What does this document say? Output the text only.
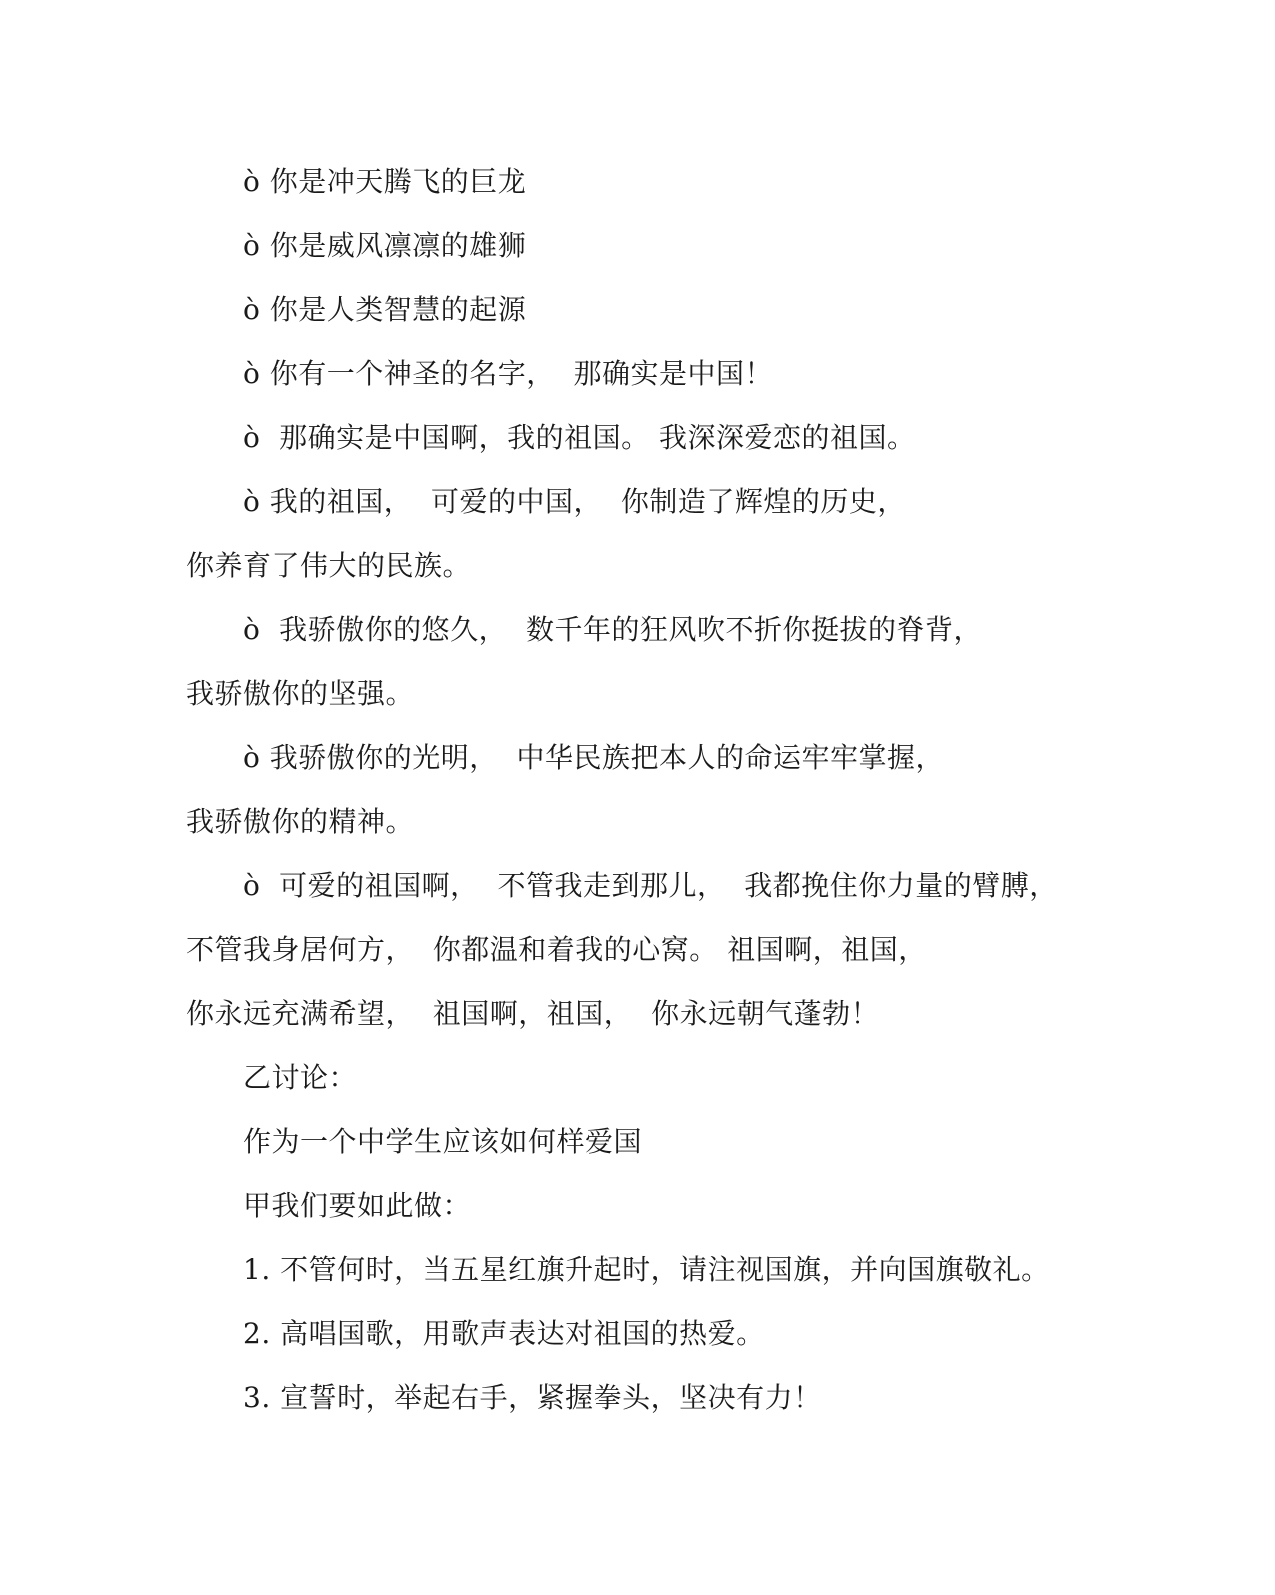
ò 你是冲天腾飞的巨龙
ò 你是威风凛凛的雄狮
ò 你是人类智慧的起源
ò 你有一个神圣的名字，  那确实是中国！
ò  那确实是中国啊，我的祖国。 我深深爱恋的祖国。
ò 我的祖国，  可爱的中国，  你制造了辉煌的历史，
你养育了伟大的民族。
ò  我骄傲你的悠久，  数千年的狂风吹不折你挺拔的脊背，
我骄傲你的坚强。
ò 我骄傲你的光明，  中华民族把本人的命运牢牢掌握，
我骄傲你的精神。
ò  可爱的祖国啊，  不管我走到那儿，  我都挽住你力量的臂膊，
不管我身居何方，  你都温和着我的心窝。 祖国啊，祖国，
你永远充满希望，  祖国啊，祖国，  你永远朝气蓬勃！
乙讨论：
作为一个中学生应该如何样爱国
甲我们要如此做：
1. 不管何时，当五星红旗升起时，请注视国旗，并向国旗敬礼。
2. 高唱国歌，用歌声表达对祖国的热爱。
3. 宣誓时，举起右手，紧握拳头，坚决有力！
